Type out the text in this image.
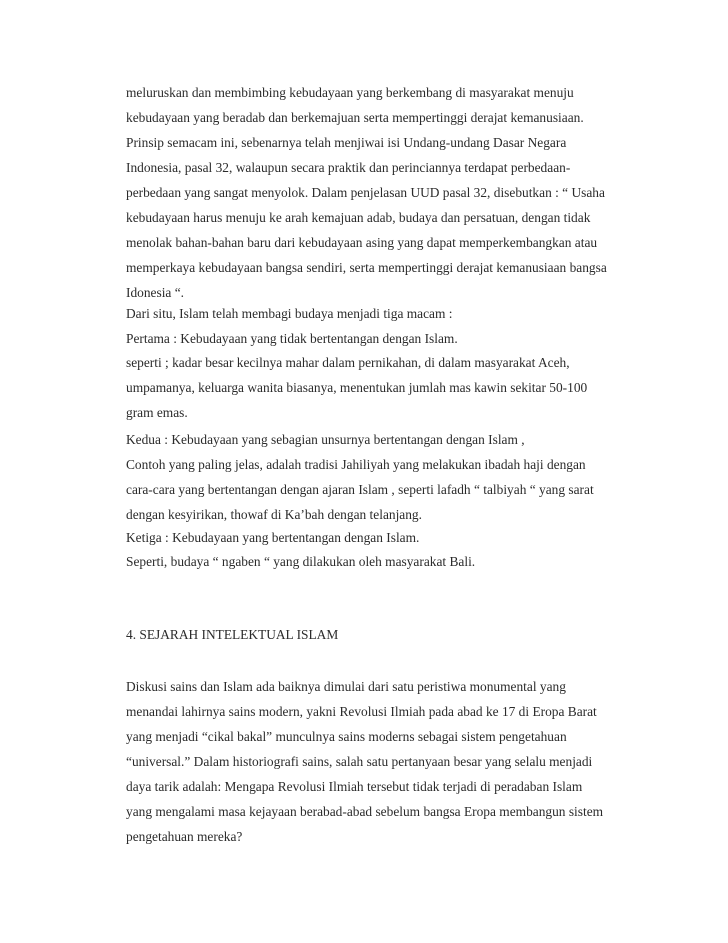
meluruskan dan membimbing kebudayaan yang berkembang di masyarakat menuju
kebudayaan yang beradab dan berkemajuan serta mempertinggi derajat kemanusiaan.
Prinsip semacam ini, sebenarnya telah menjiwai isi Undang-undang Dasar Negara
Indonesia, pasal 32, walaupun secara praktik dan perinciannya terdapat perbedaan-
perbedaan yang sangat menyolok. Dalam penjelasan UUD pasal 32, disebutkan : “ Usaha
kebudayaan harus menuju ke arah kemajuan adab, budaya dan persatuan, dengan tidak
menolak bahan-bahan baru dari kebudayaan asing yang dapat memperkembangkan atau
memperkaya kebudayaan bangsa sendiri, serta mempertinggi derajat kemanusiaan bangsa
Idonesia “.
Dari situ, Islam telah membagi budaya menjadi tiga macam :
Pertama : Kebudayaan yang tidak bertentangan dengan Islam.
seperti ; kadar besar kecilnya mahar dalam pernikahan, di dalam masyarakat Aceh,
umpamanya, keluarga wanita biasanya, menentukan jumlah mas kawin sekitar 50-100
gram emas.
Kedua : Kebudayaan yang sebagian unsurnya bertentangan dengan Islam ,
Contoh yang paling jelas, adalah tradisi Jahiliyah yang melakukan ibadah haji dengan
cara-cara yang bertentangan dengan ajaran Islam , seperti lafadh “ talbiyah “ yang sarat
dengan kesyirikan, thowaf di Ka’bah dengan telanjang.
Ketiga : Kebudayaan yang bertentangan dengan Islam.
Seperti, budaya “ ngaben “ yang dilakukan oleh masyarakat Bali.
4. SEJARAH INTELEKTUAL ISLAM
Diskusi sains dan Islam ada baiknya dimulai dari satu peristiwa monumental yang
menandai lahirnya sains modern, yakni Revolusi Ilmiah pada abad ke 17 di Eropa Barat
yang menjadi “cikal bakal” munculnya sains moderns sebagai sistem pengetahuan
“universal.” Dalam historiografi sains, salah satu pertanyaan besar yang selalu menjadi
daya tarik adalah: Mengapa Revolusi Ilmiah tersebut tidak terjadi di peradaban Islam
yang mengalami masa kejayaan berabad-abad sebelum bangsa Eropa membangun sistem
pengetahuan mereka?
